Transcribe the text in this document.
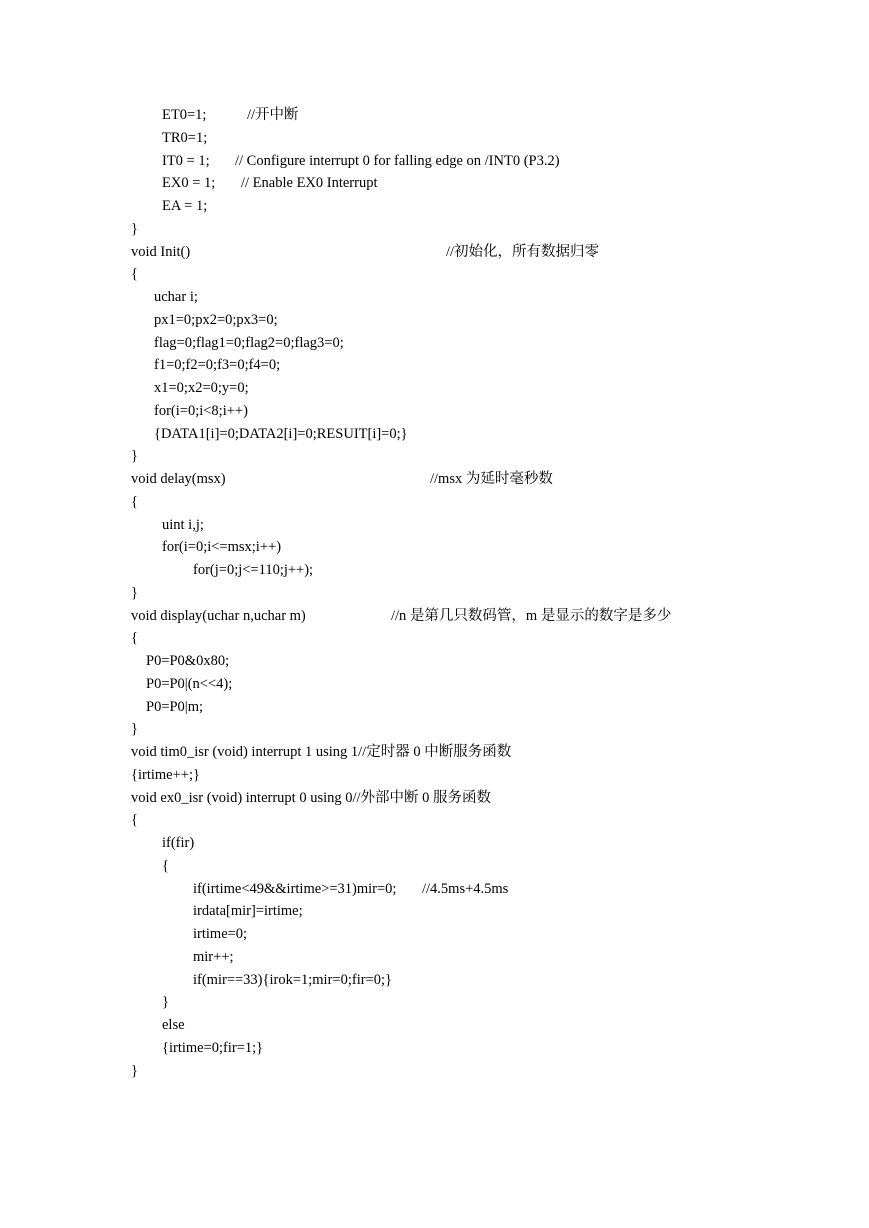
ET0=1;	//开中断
TR0=1;
IT0 = 1; // Configure interrupt 0 for falling edge on /INT0 (P3.2)
EX0 = 1; // Enable EX0 Interrupt
EA = 1;
}
void Init()	//初始化，所有数据归零
{
uchar i;
px1=0;px2=0;px3=0;
flag=0;flag1=0;flag2=0;flag3=0;
f1=0;f2=0;f3=0;f4=0;
x1=0;x2=0;y=0;
for(i=0;i<8;i++)
{DATA1[i]=0;DATA2[i]=0;RESUIT[i]=0;}
}
void delay(msx)	//msx 为延时毫秒数
{
uint i,j;
for(i=0;i<=msx;i++)
for(j=0;j<=110;j++);
}
void display(uchar n,uchar m)	//n 是第几只数码管，m 是显示的数字是多少
{
P0=P0&0x80;
P0=P0|(n<<4);
P0=P0|m;
}
void tim0_isr (void) interrupt 1 using 1//定时器 0 中断服务函数
{irtime++;}
void ex0_isr (void) interrupt 0 using 0//外部中断 0 服务函数
{
if(fir)
{
if(irtime<49&&irtime>=31)mir=0; //4.5ms+4.5ms
irdata[mir]=irtime;
irtime=0;
mir++;
if(mir==33){irok=1;mir=0;fir=0;}
}
else
{irtime=0;fir=1;}
}
